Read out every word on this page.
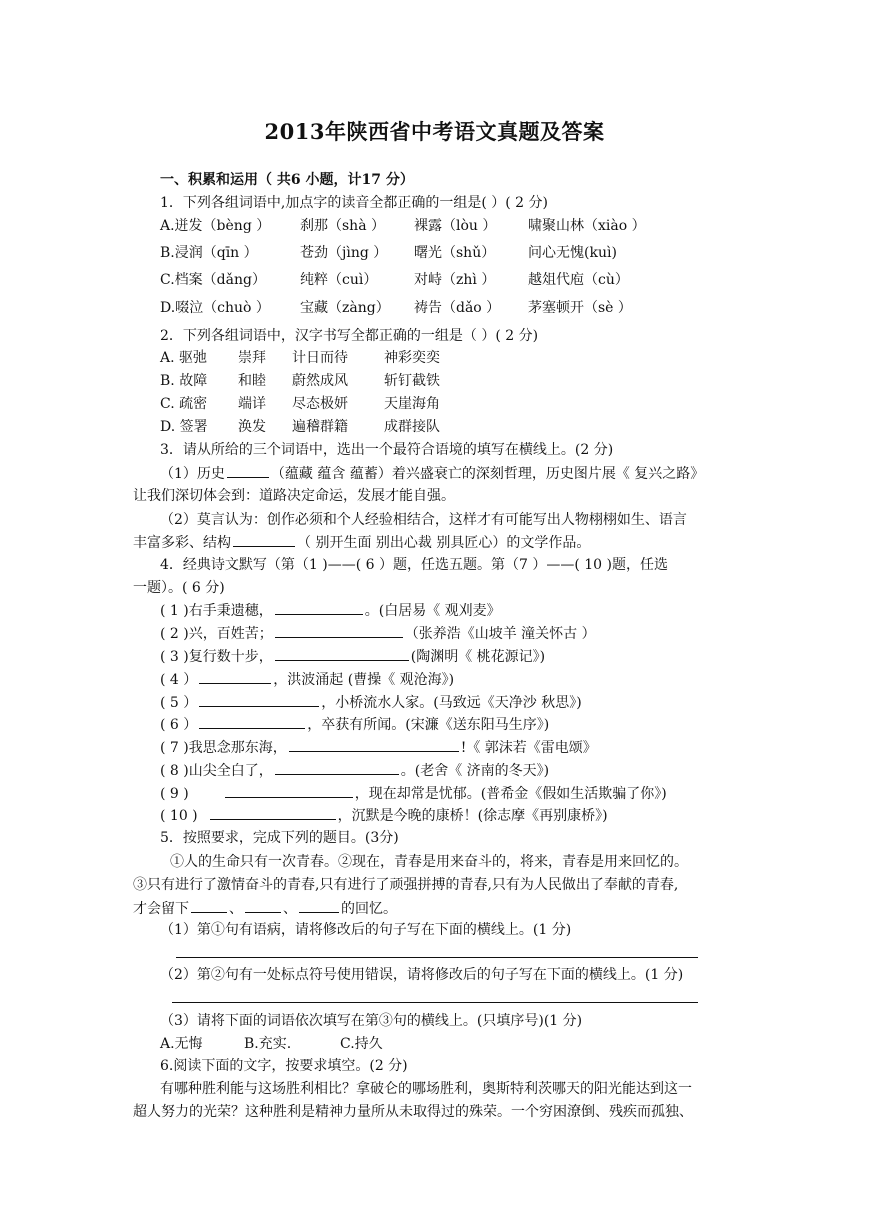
2013年陕西省中考语文真题及答案
一、积累和运用（ 共6 小题，计17 分）
1．下列各组词语中,加点字的读音全都正确的一组是( ）( 2 分)
A.迸发（bèng ） 刹那（shà ） 裸露（lòu ） 啸聚山林（xiào ）
B.浸润（qīn ）	苍劲（jìng ） 曙光（shǔ） 问心无愧(kuì)
C.档案（dǎng） 纯粹（cuì）	对峙（zhì ） 越俎代庖（cù）
D.啜泣（chuò ） 宝藏（zàng） 祷告（dǎo ） 茅塞顿开（sè ）
2．下列各组词语中，汉字书写全都正确的一组是（ ）( 2 分)
A. 驱弛 崇拜 计日而待	神彩奕奕
B. 故障 和睦 蔚然成风	斩钉截铁
C. 疏密 端详 尽态极妍	天崖海角
D. 签署 涣发 遍稽群籍	成群接队
3．请从所给的三个词语中，选出一个最符合语境的填写在横线上。(2 分)
（1）历史	（蕴藏 蕴含 蕴蓄）着兴盛衰亡的深刻哲理，历史图片展《 复兴之路》
让我们深切体会到：道路决定命运，发展才能自强。
（2）莫言认为：创作必须和个人经验相结合，这样才有可能写出人物栩栩如生、语言
丰富多彩、结构	（ 别开生面 别出心裁 别具匠心）的文学作品。
4．经典诗文默写（第（1 )——( 6 ）题，任选五题。第（7 ）——( 10 )题，任选
一题）。( 6 分)
( 1 )右手秉遗穗，	。(白居易《 观刈麦》
( 2 )兴，百姓苦；	（张养浩《山坡羊 潼关怀古 ）
( 3 )复行数十步，	(陶渊明《 桃花源记》)
( 4 ）	，洪波涌起 (曹操《 观沧海》)
( 5 ）	，小桥流水人家。(马致远《天净沙 秋思》)
( 6 ）	，卒获有所闻。(宋濂《送东阳马生序》)
( 7 )我思念那东海，	!《 郭沫若《雷电颂》
( 8 )山尖全白了，	。(老舍《 济南的冬天》)
( 9 )	，现在却常是忧郁。(普希金《假如生活欺骗了你》)
( 10 )	，沉默是今晚的康桥！(徐志摩《再别康桥》)
5．按照要求，完成下列的题目。(3分)
①人的生命只有一次青春。②现在，青春是用来奋斗的，将来，青春是用来回忆的。
③只有进行了激情奋斗的青春,只有进行了顽强拼搏的青春,只有为人民做出了奉献的青春,
才会留下	、	、	的回忆。
（1）第①句有语病，请将修改后的句子写在下面的横线上。(1 分)
（2）第②句有一处标点符号使用错误，请将修改后的句子写在下面的横线上。(1 分)
（3）请将下面的词语依次填写在第③句的横线上。(只填序号)(1 分)
A.无悔	B.充实.	C.持久
6.阅读下面的文字，按要求填空。(2 分)
有哪种胜利能与这场胜利相比？拿破仑的哪场胜利，奥斯特利茨哪天的阳光能达到这一
超人努力的光荣？这种胜利是精神力量所从未取得过的殊荣。一个穷困潦倒、残疾而孤独、
